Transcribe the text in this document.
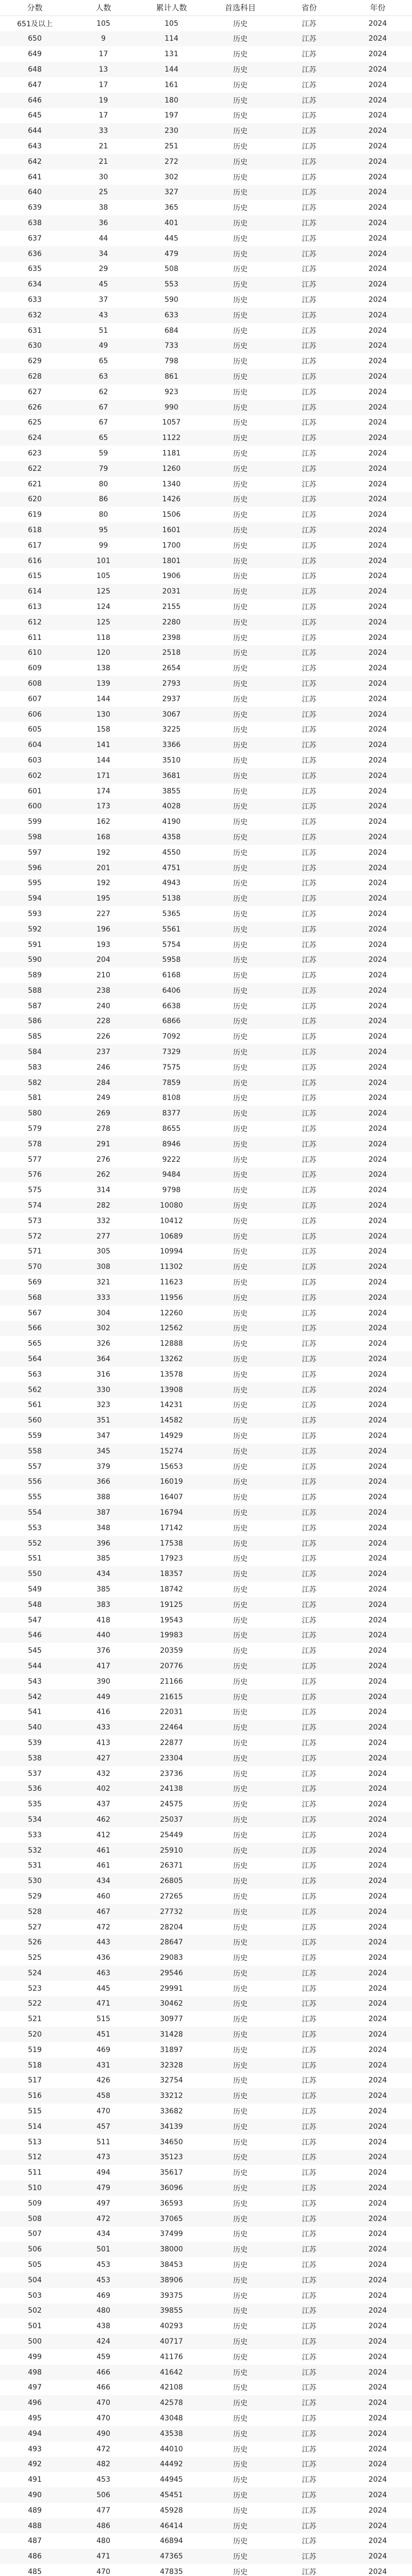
分数	人数	累计人数	首选科目	省份	年份
651及以上	105	105	历史	江苏	2024
650	9	114	历史	江苏	2024
649	17	131	历史	江苏	2024
648	13	144	历史	江苏	2024
647	17	161	历史	江苏	2024
646	19	180	历史	江苏	2024
645	17	197	历史	江苏	2024
644	33	230	历史	江苏	2024
643	21	251	历史	江苏	2024
642	21	272	历史	江苏	2024
641	30	302	历史	江苏	2024
640	25	327	历史	江苏	2024
639	38	365	历史	江苏	2024
638	36	401	历史	江苏	2024
637	44	445	历史	江苏	2024
636	34	479	历史	江苏	2024
635	29	508	历史	江苏	2024
634	45	553	历史	江苏	2024
633	37	590	历史	江苏	2024
632	43	633	历史	江苏	2024
631	51	684	历史	江苏	2024
630	49	733	历史	江苏	2024
629	65	798	历史	江苏	2024
628	63	861	历史	江苏	2024
627	62	923	历史	江苏	2024
626	67	990	历史	江苏	2024
625	67	1057	历史	江苏	2024
624	65	1122	历史	江苏	2024
623	59	1181	历史	江苏	2024
622	79	1260	历史	江苏	2024
621	80	1340	历史	江苏	2024
620	86	1426	历史	江苏	2024
619	80	1506	历史	江苏	2024
618	95	1601	历史	江苏	2024
617	99	1700	历史	江苏	2024
616	101	1801	历史	江苏	2024
615	105	1906	历史	江苏	2024
614	125	2031	历史	江苏	2024
613	124	2155	历史	江苏	2024
612	125	2280	历史	江苏	2024
611	118	2398	历史	江苏	2024
610	120	2518	历史	江苏	2024
609	138	2654	历史	江苏	2024
608	139	2793	历史	江苏	2024
607	144	2937	历史	江苏	2024
606	130	3067	历史	江苏	2024
605	158	3225	历史	江苏	2024
604	141	3366	历史	江苏	2024
603	144	3510	历史	江苏	2024
602	171	3681	历史	江苏	2024
601	174	3855	历史	江苏	2024
600	173	4028	历史	江苏	2024
599	162	4190	历史	江苏	2024
598	168	4358	历史	江苏	2024
597	192	4550	历史	江苏	2024
596	201	4751	历史	江苏	2024
595	192	4943	历史	江苏	2024
594	195	5138	历史	江苏	2024
593	227	5365	历史	江苏	2024
592	196	5561	历史	江苏	2024
591	193	5754	历史	江苏	2024
590	204	5958	历史	江苏	2024
589	210	6168	历史	江苏	2024
588	238	6406	历史	江苏	2024
587	240	6638	历史	江苏	2024
586	228	6866	历史	江苏	2024
585	226	7092	历史	江苏	2024
584	237	7329	历史	江苏	2024
583	246	7575	历史	江苏	2024
582	284	7859	历史	江苏	2024
581	249	8108	历史	江苏	2024
580	269	8377	历史	江苏	2024
579	278	8655	历史	江苏	2024
578	291	8946	历史	江苏	2024
577	276	9222	历史	江苏	2024
576	262	9484	历史	江苏	2024
575	314	9798	历史	江苏	2024
574	282	10080	历史	江苏	2024
573	332	10412	历史	江苏	2024
572	277	10689	历史	江苏	2024
571	305	10994	历史	江苏	2024
570	308	11302	历史	江苏	2024
569	321	11623	历史	江苏	2024
568	333	11956	历史	江苏	2024
567	304	12260	历史	江苏	2024
566	302	12562	历史	江苏	2024
565	326	12888	历史	江苏	2024
564	364	13262	历史	江苏	2024
563	316	13578	历史	江苏	2024
562	330	13908	历史	江苏	2024
561	323	14231	历史	江苏	2024
560	351	14582	历史	江苏	2024
559	347	14929	历史	江苏	2024
558	345	15274	历史	江苏	2024
557	379	15653	历史	江苏	2024
556	366	16019	历史	江苏	2024
555	388	16407	历史	江苏	2024
554	387	16794	历史	江苏	2024
553	348	17142	历史	江苏	2024
552	396	17538	历史	江苏	2024
551	385	17923	历史	江苏	2024
550	434	18357	历史	江苏	2024
549	385	18742	历史	江苏	2024
548	383	19125	历史	江苏	2024
547	418	19543	历史	江苏	2024
546	440	19983	历史	江苏	2024
545	376	20359	历史	江苏	2024
544	417	20776	历史	江苏	2024
543	390	21166	历史	江苏	2024
542	449	21615	历史	江苏	2024
541	416	22031	历史	江苏	2024
540	433	22464	历史	江苏	2024
539	413	22877	历史	江苏	2024
538	427	23304	历史	江苏	2024
537	432	23736	历史	江苏	2024
536	402	24138	历史	江苏	2024
535	437	24575	历史	江苏	2024
534	462	25037	历史	江苏	2024
533	412	25449	历史	江苏	2024
532	461	25910	历史	江苏	2024
531	461	26371	历史	江苏	2024
530	434	26805	历史	江苏	2024
529	460	27265	历史	江苏	2024
528	467	27732	历史	江苏	2024
527	472	28204	历史	江苏	2024
526	443	28647	历史	江苏	2024
525	436	29083	历史	江苏	2024
524	463	29546	历史	江苏	2024
523	445	29991	历史	江苏	2024
522	471	30462	历史	江苏	2024
521	515	30977	历史	江苏	2024
520	451	31428	历史	江苏	2024
519	469	31897	历史	江苏	2024
518	431	32328	历史	江苏	2024
517	426	32754	历史	江苏	2024
516	458	33212	历史	江苏	2024
515	470	33682	历史	江苏	2024
514	457	34139	历史	江苏	2024
513	511	34650	历史	江苏	2024
512	473	35123	历史	江苏	2024
511	494	35617	历史	江苏	2024
510	479	36096	历史	江苏	2024
509	497	36593	历史	江苏	2024
508	472	37065	历史	江苏	2024
507	434	37499	历史	江苏	2024
506	501	38000	历史	江苏	2024
505	453	38453	历史	江苏	2024
504	453	38906	历史	江苏	2024
503	469	39375	历史	江苏	2024
502	480	39855	历史	江苏	2024
501	438	40293	历史	江苏	2024
500	424	40717	历史	江苏	2024
499	459	41176	历史	江苏	2024
498	466	41642	历史	江苏	2024
497	466	42108	历史	江苏	2024
496	470	42578	历史	江苏	2024
495	470	43048	历史	江苏	2024
494	490	43538	历史	江苏	2024
493	472	44010	历史	江苏	2024
492	482	44492	历史	江苏	2024
491	453	44945	历史	江苏	2024
490	506	45451	历史	江苏	2024
489	477	45928	历史	江苏	2024
488	486	46414	历史	江苏	2024
487	480	46894	历史	江苏	2024
486	471	47365	历史	江苏	2024
485	470	47835	历史	江苏	2024
